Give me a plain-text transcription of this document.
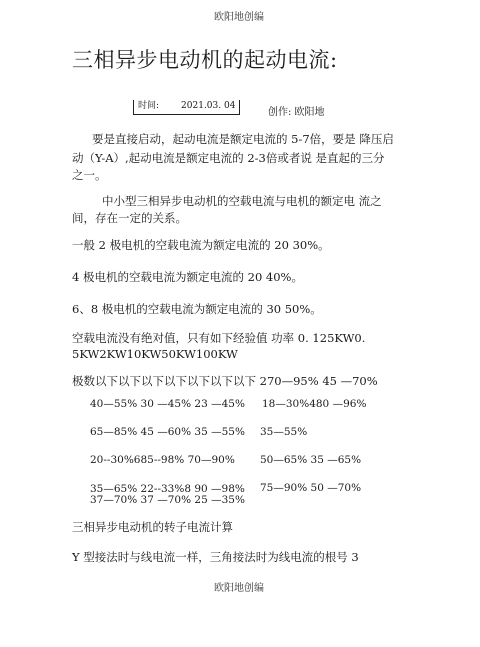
欧阳地创编
三相异步电动机的起动电流:
时间: 2021.03. 04
创作: 欧阳地
要是直接启动，起动电流是额定电流的 5-7倍，要是 降压启
动（Y-A）,起动电流是额定电流的 2-3倍或者说 是直起的三分
之一。
中小型三相异步电动机的空载电流与电机的额定电 流之
间，存在一定的关系。
一般 2 极电机的空载电流为额定电流的 20 30%。
4 极电机的空载电流为额定电流的 20 40%。
6、8 极电机的空载电流为额定电流的 30 50%。
空载电流没有绝对值，只有如下经验值 功率 0. 125KW0.
5KW2KW10KW50KW100KW
极数以下以下以下以下以下以下以下 270—95% 45 —70%
40—55% 30 —45% 23 —45% 18—30%480 —96%
65—85% 45 —60% 35 —55% 35—55%
20--30%685--98% 70—90% 50—65% 35 —65%
35—65% 22--33%8 90 —98%
37—70% 37 —70% 25 —35%
75—90% 50 —70%
三相异步电动机的转子电流计算
Y 型接法时与线电流一样，三角接法时为线电流的根号 3
欧阳地创编
